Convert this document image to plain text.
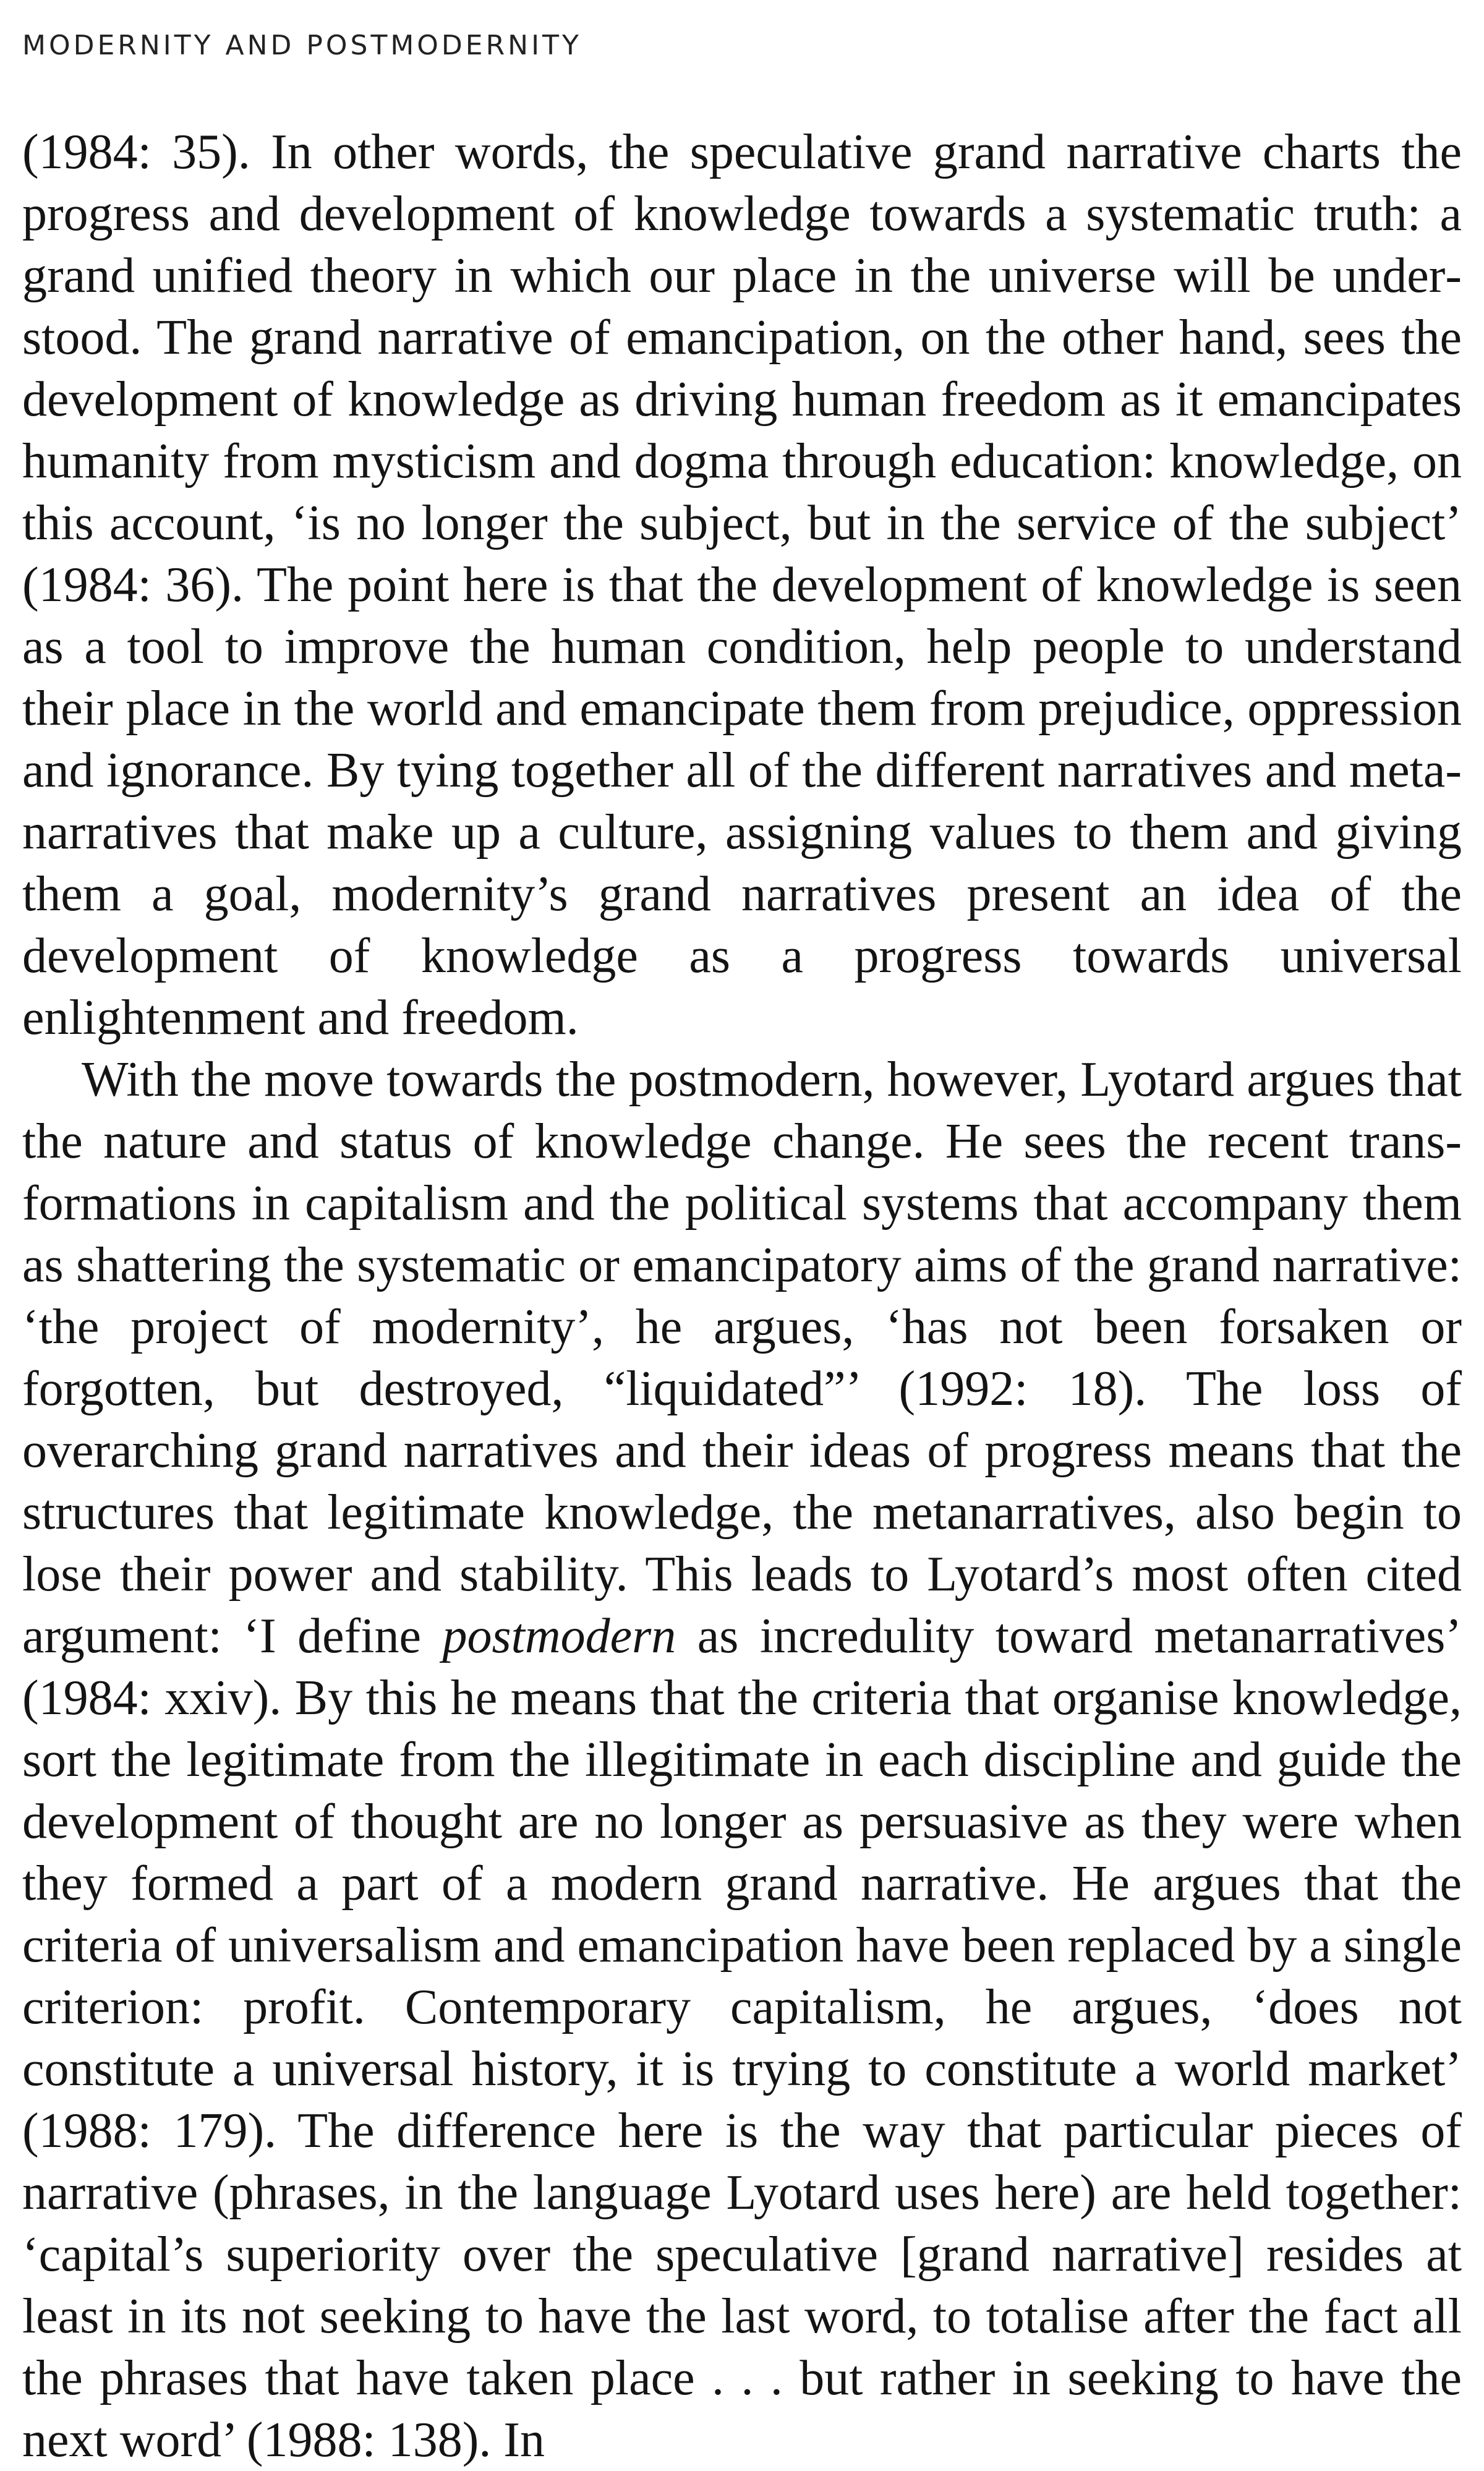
MODERNITY AND POSTMODERNITY

(1984: 35). In other words, the speculative grand narrative charts the progress and development of knowledge towards a systematic truth: a grand unified theory in which our place in the universe will be understood. The grand narrative of emancipation, on the other hand, sees the development of knowledge as driving human freedom as it emancipates humanity from mysticism and dogma through education: knowledge, on this account, ‘is no longer the subject, but in the service of the subject’ (1984: 36). The point here is that the development of knowledge is seen as a tool to improve the human condition, help people to understand their place in the world and emancipate them from prejudice, oppression and ignorance. By tying together all of the different narratives and metanarratives that make up a culture, assigning values to them and giving them a goal, modernity’s grand narratives present an idea of the development of knowledge as a progress towards universal enlightenment and freedom.

With the move towards the postmodern, however, Lyotard argues that the nature and status of knowledge change. He sees the recent transformations in capitalism and the political systems that accompany them as shattering the systematic or emancipatory aims of the grand narrative: ‘the project of modernity’, he argues, ‘has not been forsaken or forgotten, but destroyed, “liquidated”’ (1992: 18). The loss of overarching grand narratives and their ideas of progress means that the structures that legitimate knowledge, the metanarratives, also begin to lose their power and stability. This leads to Lyotard’s most often cited argument: ‘I define postmodern as incredulity toward metanarratives’ (1984: xxiv). By this he means that the criteria that organise knowledge, sort the legitimate from the illegitimate in each discipline and guide the development of thought are no longer as persuasive as they were when they formed a part of a modern grand narrative. He argues that the criteria of universalism and emancipation have been replaced by a single criterion: profit. Contemporary capitalism, he argues, ‘does not constitute a universal history, it is trying to constitute a world market’ (1988: 179). The difference here is the way that particular pieces of narrative (phrases, in the language Lyotard uses here) are held together: ‘capital’s superiority over the speculative [grand narrative] resides at least in its not seeking to have the last word, to totalise after the fact all the phrases that have taken place . . . but rather in seeking to have the next word’ (1988: 138). In
